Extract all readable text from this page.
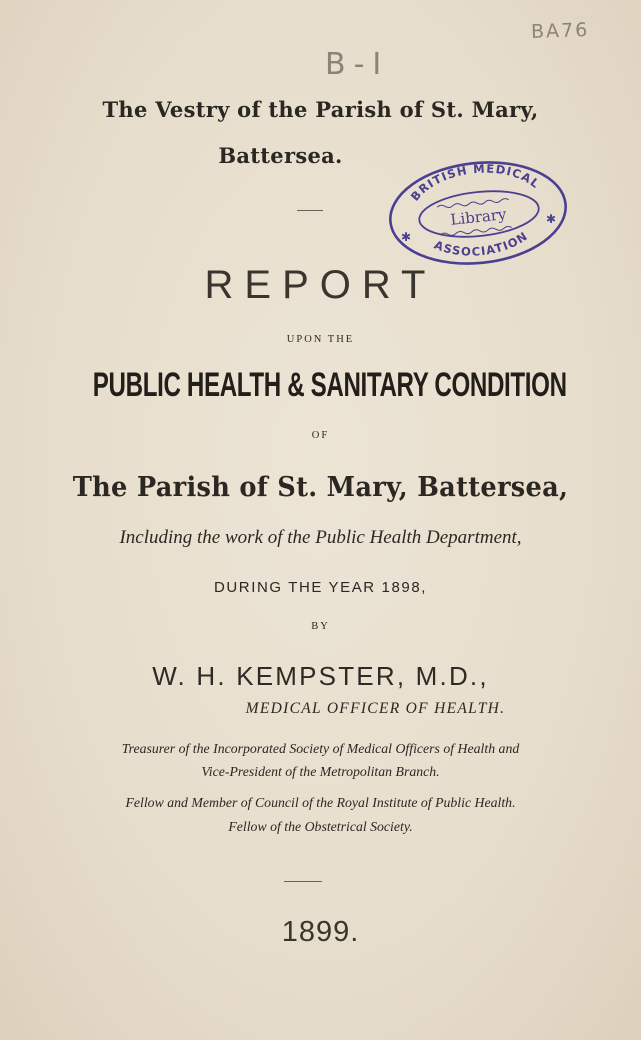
BA76
B-I
The Vestry of the Parish of St. Mary,
Battersea.
BRITISH MEDICAL
ASSOCIATION
Library
✱
✱
REPORT
UPON THE
PUBLIC HEALTH & SANITARY CONDITION
OF
The Parish of St. Mary, Battersea,
Including the work of the Public Health Department,
DURING THE YEAR 1898,
BY
W. H. KEMPSTER, M.D.,
MEDICAL OFFICER OF HEALTH.
Treasurer of the Incorporated Society of Medical Officers of Health and
Vice-President of the Metropolitan Branch.
Fellow and Member of Council of the Royal Institute of Public Health.
Fellow of the Obstetrical Society.
1899.
